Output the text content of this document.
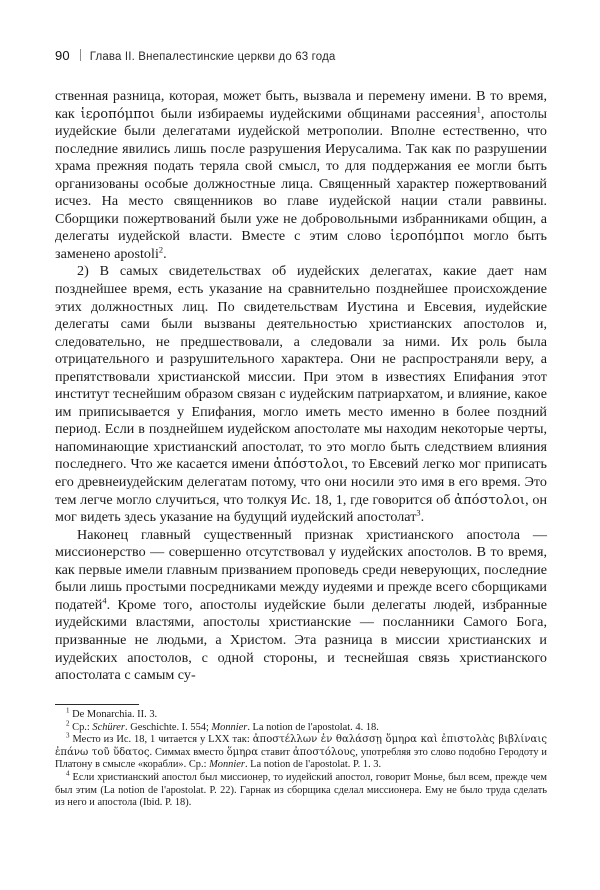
90 Глава II. Внепалестинские церкви до 63 года

ственная разница, которая, может быть, вызвала и перемену имени. В то время, как ἱεροπόμποι были избираемы иудейскими общинами рассеяния$^1$, апостолы иудейские были делегатами иудейской метрополии. Вполне естественно, что последние явились лишь после разрушения Иерусалима. Так как по разрушении храма прежняя подать теряла свой смысл, то для поддержания ее могли быть организованы особые должностные лица. Священный характер пожертвований исчез. На место священников во главе иудейской нации стали раввины. Сборщики пожертвований были уже не добровольными избранниками общин, а делегаты иудейской власти. Вместе с этим слово ἱεροπόμποι могло быть заменено apostoli$^2$.

2) В самых свидетельствах об иудейских делегатах, какие дает нам позднейшее время, есть указание на сравнительно позднейшее происхождение этих должностных лиц. По свидетельствам Иустина и Евсевия, иудейские делегаты сами были вызваны деятельностью христианских апостолов и, следовательно, не предшествовали, а следовали за ними. Их роль была отрицательного и разрушительного характера. Они не распространяли веру, а препятствовали христианской миссии. При этом в известиях Епифания этот институт теснейшим образом связан с иудейским патриархатом, и влияние, какое им приписывается у Епифания, могло иметь место именно в более поздний период. Если в позднейшем иудейском апостолате мы находим некоторые черты, напоминающие христианский апостолат, то это могло быть следствием влияния последнего. Что же касается имени ἀπόστολοι, то Евсевий легко мог приписать его древнеиудейским делегатам потому, что они носили это имя в его время. Это тем легче могло случиться, что толкуя Ис. 18, 1, где говорится об ἀπόστολοι, он мог видеть здесь указание на будущий иудейский апостолат$^3$.

Наконец главный существенный признак христианского апостола — миссионерство — совершенно отсутствовал у иудейских апостолов. В то время, как первые имели главным призванием проповедь среди неверующих, последние были лишь простыми посредниками между иудеями и прежде всего сборщиками податей$^4$. Кроме того, апостолы иудейские были делегаты людей, избранные иудейскими властями, апостолы христианские — посланники Самого Бога, призванные не людьми, а Христом. Эта разница в миссии христианских и иудейских апостолов, с одной стороны, и теснейшая связь христианского апостолата с самым су-

$^1$ De Monarchia. II. 3.

$^2$ Cp.: Schürer. Geschichte. I. 554; Monnier. La notion de l'apostolat. 4. 18.

$^3$ Место из Ис. 18, 1 читается у LXX так: ἀποστέλλων ἐν θαλάσσῃ ὅμηρα καὶ ἐπιστολὰς βιβλίναις ἐπάνω τοῦ ὕδατος. Симмах вместо ὅμηρα ставит ἀποστόλους, употребляя это слово подобно Геродоту и Платону в смысле «корабли». Ср.: Monnier. La notion de l'apostolat. P. 1. 3.

$^4$ Если христианский апостол был миссионер, то иудейский апостол, говорит Монье, был всем, прежде чем был этим (La notion de l'apostolat. P. 22). Гарнак из сборщика сделал миссионера. Ему не было труда сделать из него и апостола (Ibid. P. 18).
